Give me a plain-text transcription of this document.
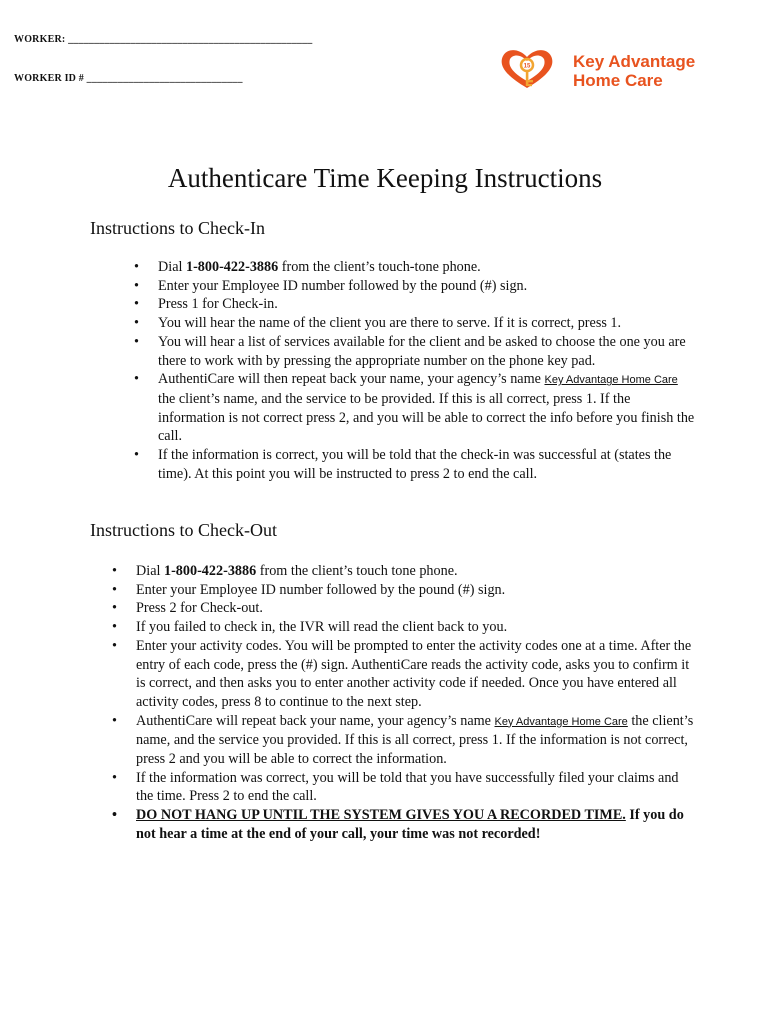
WORKER: _______________________________________________
WORKER ID # ______________________________
15	Key Advantage
Home Care
Authenticare Time Keeping Instructions
Instructions to Check-In
• Dial 1-800-422-3886 from the client’s touch-tone phone.
• Enter your Employee ID number followed by the pound (#) sign.
• Press 1 for Check-in.
• You will hear the name of the client you are there to serve. If it is correct, press 1.
• You will hear a list of services available for the client and be asked to choose the one you are there to work with by pressing the appropriate number on the phone key pad.
• AuthentiCare will then repeat back your name, your agency’s name Key Advantage Home Care the client’s name, and the service to be provided. If this is all correct, press 1. If the information is not correct press 2, and you will be able to correct the info before you finish the call.
• If the information is correct, you will be told that the check-in was successful at (states the time). At this point you will be instructed to press 2 to end the call.
Instructions to Check-Out
• Dial 1-800-422-3886 from the client’s touch tone phone.
• Enter your Employee ID number followed by the pound (#) sign.
• Press 2 for Check-out.
• If you failed to check in, the IVR will read the client back to you.
• Enter your activity codes. You will be prompted to enter the activity codes one at a time. After the entry of each code, press the (#) sign. AuthentiCare reads the activity code, asks you to confirm it is correct, and then asks you to enter another activity code if needed. Once you have entered all activity codes, press 8 to continue to the next step.
• AuthentiCare will repeat back your name, your agency’s name Key Advantage Home Care the client’s name, and the service you provided. If this is all correct, press 1. If the information is not correct, press 2 and you will be able to correct the information.
• If the information was correct, you will be told that you have successfully filed your claims and the time. Press 2 to end the call.
• DO NOT HANG UP UNTIL THE SYSTEM GIVES YOU A RECORDED TIME. If you do not hear a time at the end of your call, your time was not recorded!
